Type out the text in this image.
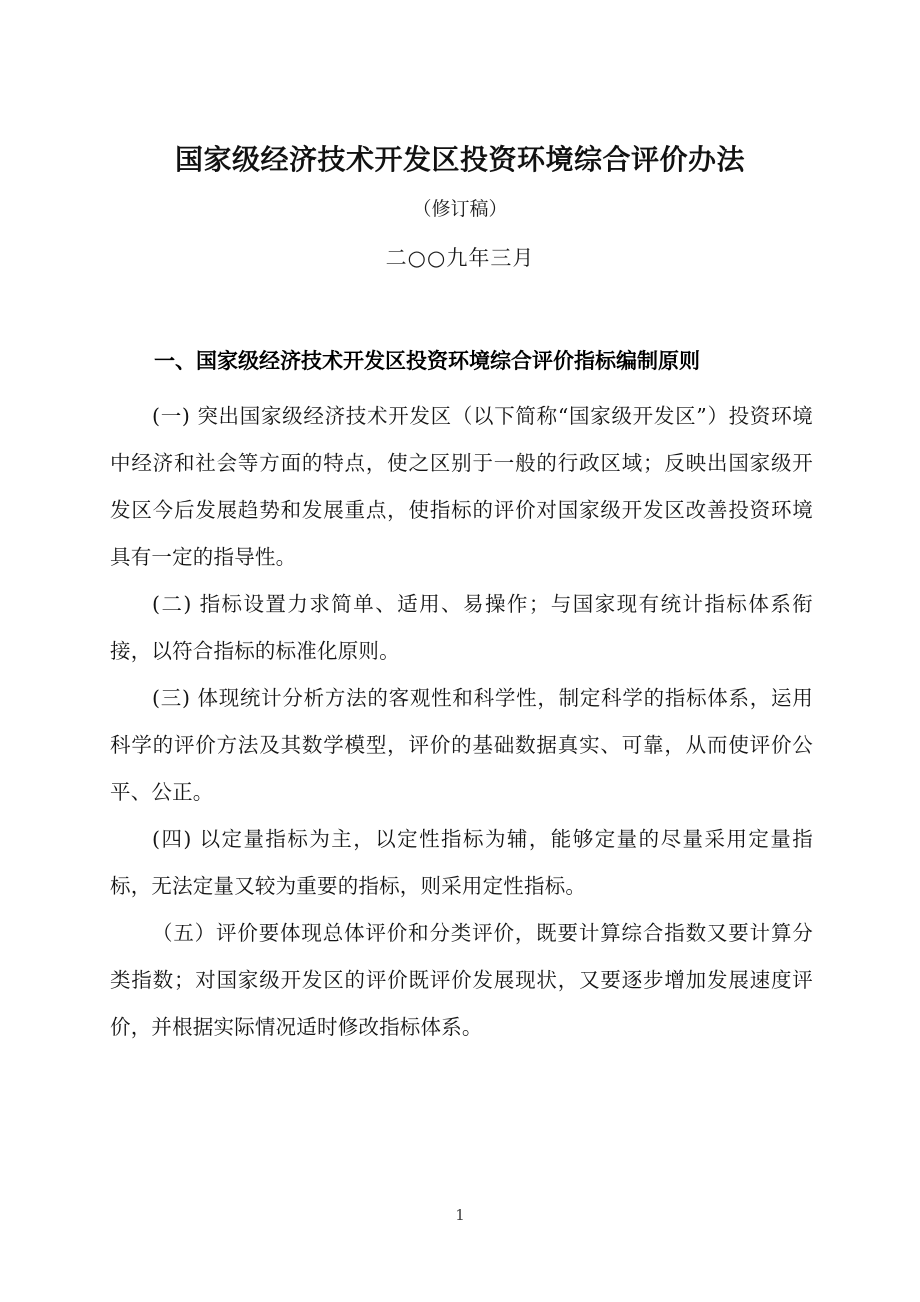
国家级经济技术开发区投资环境综合评价办法
（修订稿）
二○○九年三月
一、国家级经济技术开发区投资环境综合评价指标编制原则

(一) 突出国家级经济技术开发区（以下简称“国家级开发区”）投资环境中经济和社会等方面的特点，使之区别于一般的行政区域；反映出国家级开发区今后发展趋势和发展重点，使指标的评价对国家级开发区改善投资环境具有一定的指导性。

(二) 指标设置力求简单、适用、易操作；与国家现有统计指标体系衔接，以符合指标的标准化原则。

(三) 体现统计分析方法的客观性和科学性，制定科学的指标体系，运用科学的评价方法及其数学模型，评价的基础数据真实、可靠，从而使评价公平、公正。

(四) 以定量指标为主，以定性指标为辅，能够定量的尽量采用定量指标，无法定量又较为重要的指标，则采用定性指标。

（五）评价要体现总体评价和分类评价，既要计算综合指数又要计算分类指数；对国家级开发区的评价既评价发展现状，又要逐步增加发展速度评价，并根据实际情况适时修改指标体系。

1
